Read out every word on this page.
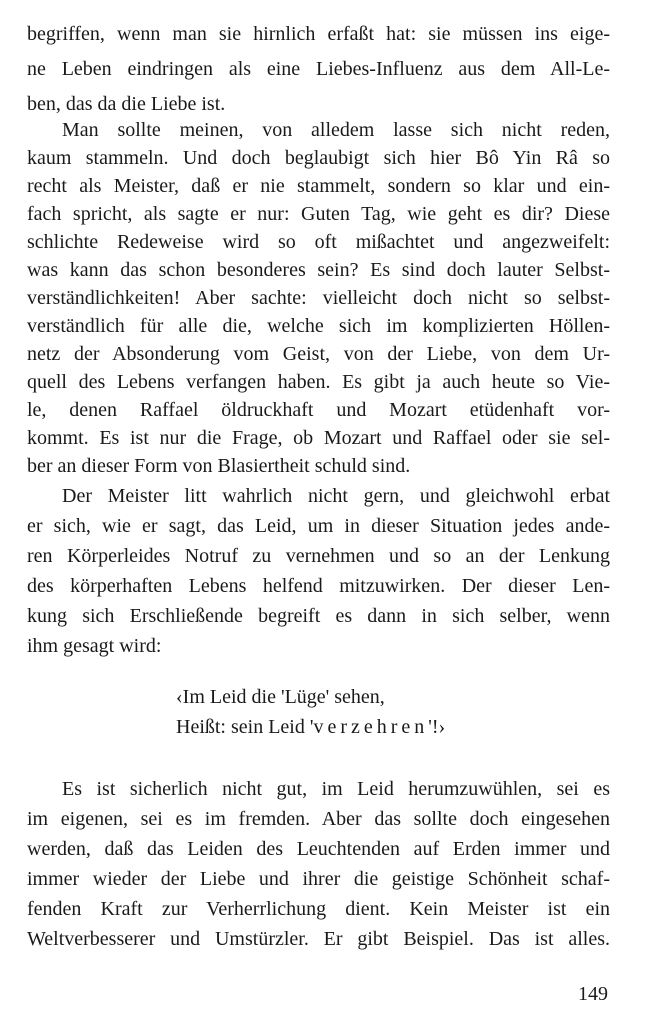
begriffen, wenn man sie hirnlich erfaßt hat: sie müssen ins eige-
ne Leben eindringen als eine Liebes-Influenz aus dem All-Le-
ben, das da die Liebe ist.
Man sollte meinen, von alledem lasse sich nicht reden,
kaum stammeln. Und doch beglaubigt sich hier Bô Yin Râ so
recht als Meister, daß er nie stammelt, sondern so klar und ein-
fach spricht, als sagte er nur: Guten Tag, wie geht es dir? Diese
schlichte Redeweise wird so oft mißachtet und angezweifelt:
was kann das schon besonderes sein? Es sind doch lauter Selbst-
verständlichkeiten! Aber sachte: vielleicht doch nicht so selbst-
verständlich für alle die, welche sich im komplizierten Höllen-
netz der Absonderung vom Geist, von der Liebe, von dem Ur-
quell des Lebens verfangen haben. Es gibt ja auch heute so Vie-
le, denen Raffael öldruckhaft und Mozart etüdenhaft vor-
kommt. Es ist nur die Frage, ob Mozart und Raffael oder sie sel-
ber an dieser Form von Blasiertheit schuld sind.
Der Meister litt wahrlich nicht gern, und gleichwohl erbat
er sich, wie er sagt, das Leid, um in dieser Situation jedes ande-
ren Körperleides Notruf zu vernehmen und so an der Lenkung
des körperhaften Lebens helfend mitzuwirken. Der dieser Len-
kung sich Erschließende begreift es dann in sich selber, wenn
ihm gesagt wird:
‹Im Leid die 'Lüge' sehen,
Heißt: sein Leid 'verzehren'!›
Es ist sicherlich nicht gut, im Leid herumzuwühlen, sei es
im eigenen, sei es im fremden. Aber das sollte doch eingesehen
werden, daß das Leiden des Leuchtenden auf Erden immer und
immer wieder der Liebe und ihrer die geistige Schönheit schaf-
fenden Kraft zur Verherrlichung dient. Kein Meister ist ein
Weltverbesserer und Umstürzler. Er gibt Beispiel. Das ist alles.
149
